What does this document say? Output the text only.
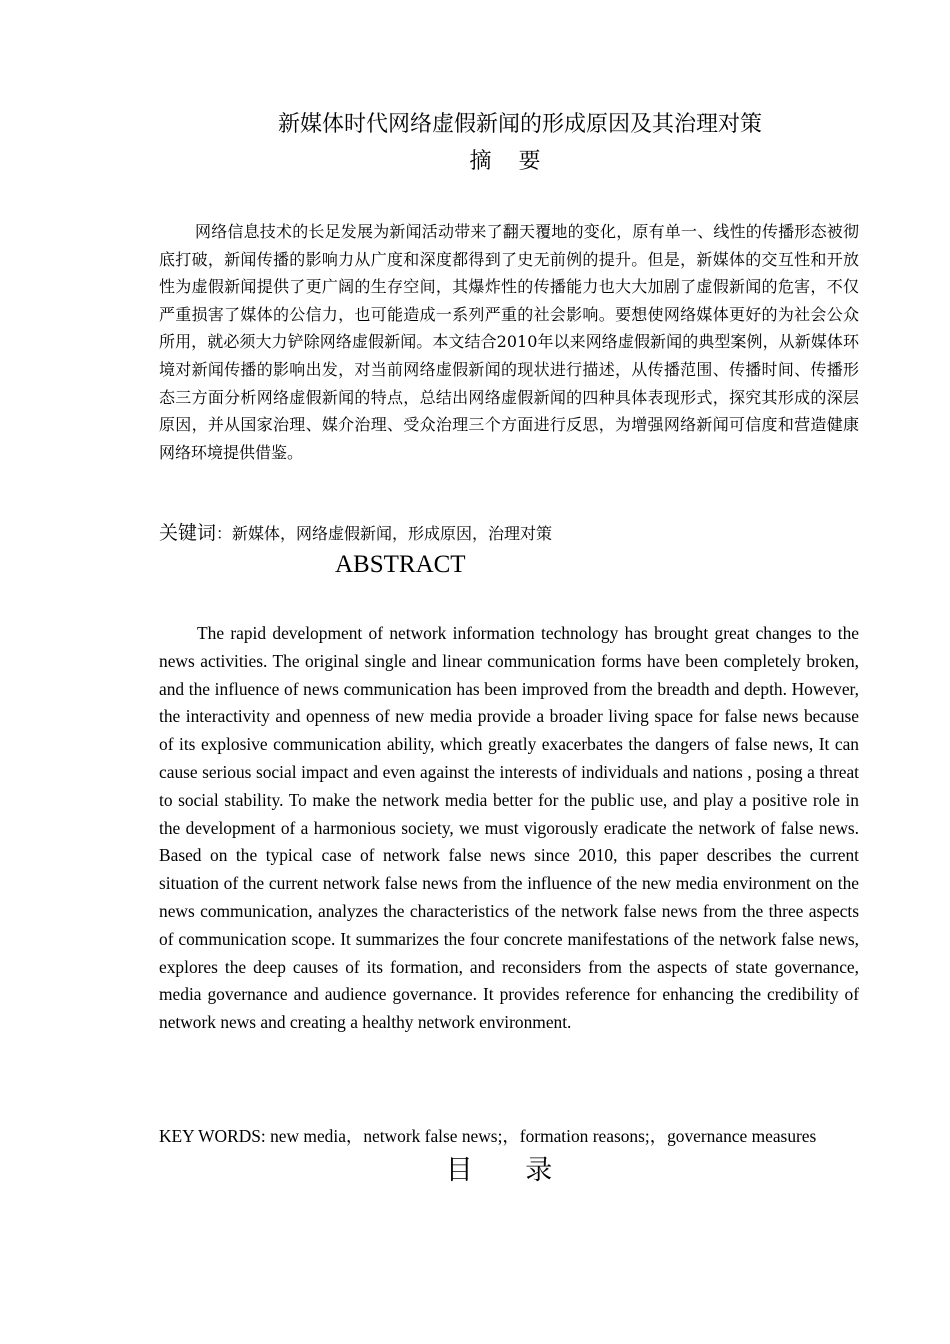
新媒体时代网络虚假新闻的形成原因及其治理对策
摘 要

网络信息技术的长足发展为新闻活动带来了翻天覆地的变化，原有单一、线性的传播形态被彻底打破，新闻传播的影响力从广度和深度都得到了史无前例的提升。但是，新媒体的交互性和开放性为虚假新闻提供了更广阔的生存空间，其爆炸性的传播能力也大大加剧了虚假新闻的危害，不仅严重损害了媒体的公信力，也可能造成一系列严重的社会影响。要想使网络媒体更好的为社会公众所用，就必须大力铲除网络虚假新闻。本文结合2010年以来网络虚假新闻的典型案例，从新媒体环境对新闻传播的影响出发，对当前网络虚假新闻的现状进行描述，从传播范围、传播时间、传播形态三方面分析网络虚假新闻的特点，总结出网络虚假新闻的四种具体表现形式，探究其形成的深层原因，并从国家治理、媒介治理、受众治理三个方面进行反思，为增强网络新闻可信度和营造健康网络环境提供借鉴。

关键词：新媒体，网络虚假新闻，形成原因，治理对策

ABSTRACT

The rapid development of network information technology has brought great changes to the news activities. The original single and linear communication forms have been completely broken, and the influence of news communication has been improved from the breadth and depth. However, the interactivity and openness of new media provide a broader living space for false news because of its explosive communication ability, which greatly exacerbates the dangers of false news, It can cause serious social impact and even against the interests of individuals and nations , posing a threat to social stability. To make the network media better for the public use, and play a positive role in the development of a harmonious society, we must vigorously eradicate the network of false news. Based on the typical case of network false news since 2010, this paper describes the current situation of the current network false news from the influence of the new media environment on the news communication, analyzes the characteristics of the network false news from the three aspects of communication scope. It summarizes the four concrete manifestations of the network false news, explores the deep causes of its formation, and reconsiders from the aspects of state governance, media governance and audience governance. It provides reference for enhancing the credibility of network news and creating a healthy network environment.

KEY WORDS: new media，network false news;，formation reasons;，governance measures

目 录
